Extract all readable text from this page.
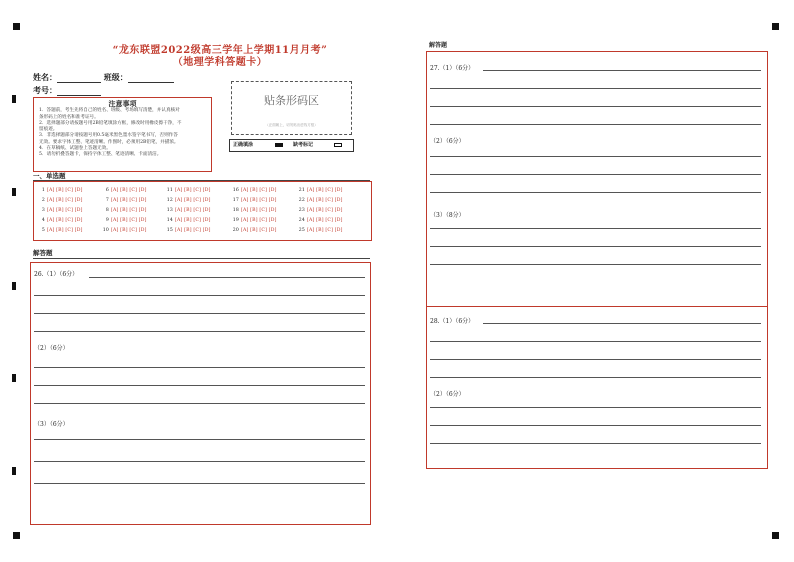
“龙东联盟2022级高三学年上学期11月月考”
（地理学科答题卡）
姓名：	班级：
考号：
注意事项
1．答题前，考生先将自己的姓名、班级、考场填写清楚，并认真核对
条形码上的姓名和准考证号。
2．选择题部分请按题号用2B铅笔填涂方框，修改时用橡皮擦干净，不
留痕迹。
3．非选择题部分请按题号用0.5毫米黑色墨水签字笔书写，否则作答
无效。要求字体工整、笔迹清晰。作图时，必须用2B铅笔，并描浓。
4．在草稿纸、试题卷上答题无效。
5．请勿折叠答题卡，保持字体工整、笔迹清晰、卡面清洁。
贴条形码区
（正面朝上，切勿贴出虚线方框）
正确填涂	缺考标记
一、单选题
1 [A] [B] [C] [D]
2 [A] [B] [C] [D]
3 [A] [B] [C] [D]
4 [A] [B] [C] [D]
5 [A] [B] [C] [D]
6 [A] [B] [C] [D]
7 [A] [B] [C] [D]
8 [A] [B] [C] [D]
9 [A] [B] [C] [D]
10 [A] [B] [C] [D]
11 [A] [B] [C] [D]
12 [A] [B] [C] [D]
13 [A] [B] [C] [D]
14 [A] [B] [C] [D]
15 [A] [B] [C] [D]
16 [A] [B] [C] [D]
17 [A] [B] [C] [D]
18 [A] [B] [C] [D]
19 [A] [B] [C] [D]
20 [A] [B] [C] [D]
21 [A] [B] [C] [D]
22 [A] [B] [C] [D]
23 [A] [B] [C] [D]
24 [A] [B] [C] [D]
25 [A] [B] [C] [D]
解答题
26.（1）（6分）
（2）（6分）
（3）（6分）
解答题
27.（1）（6分）
（2）（6分）
（3）（8分）
28.（1）（6分）
（2）（6分）
